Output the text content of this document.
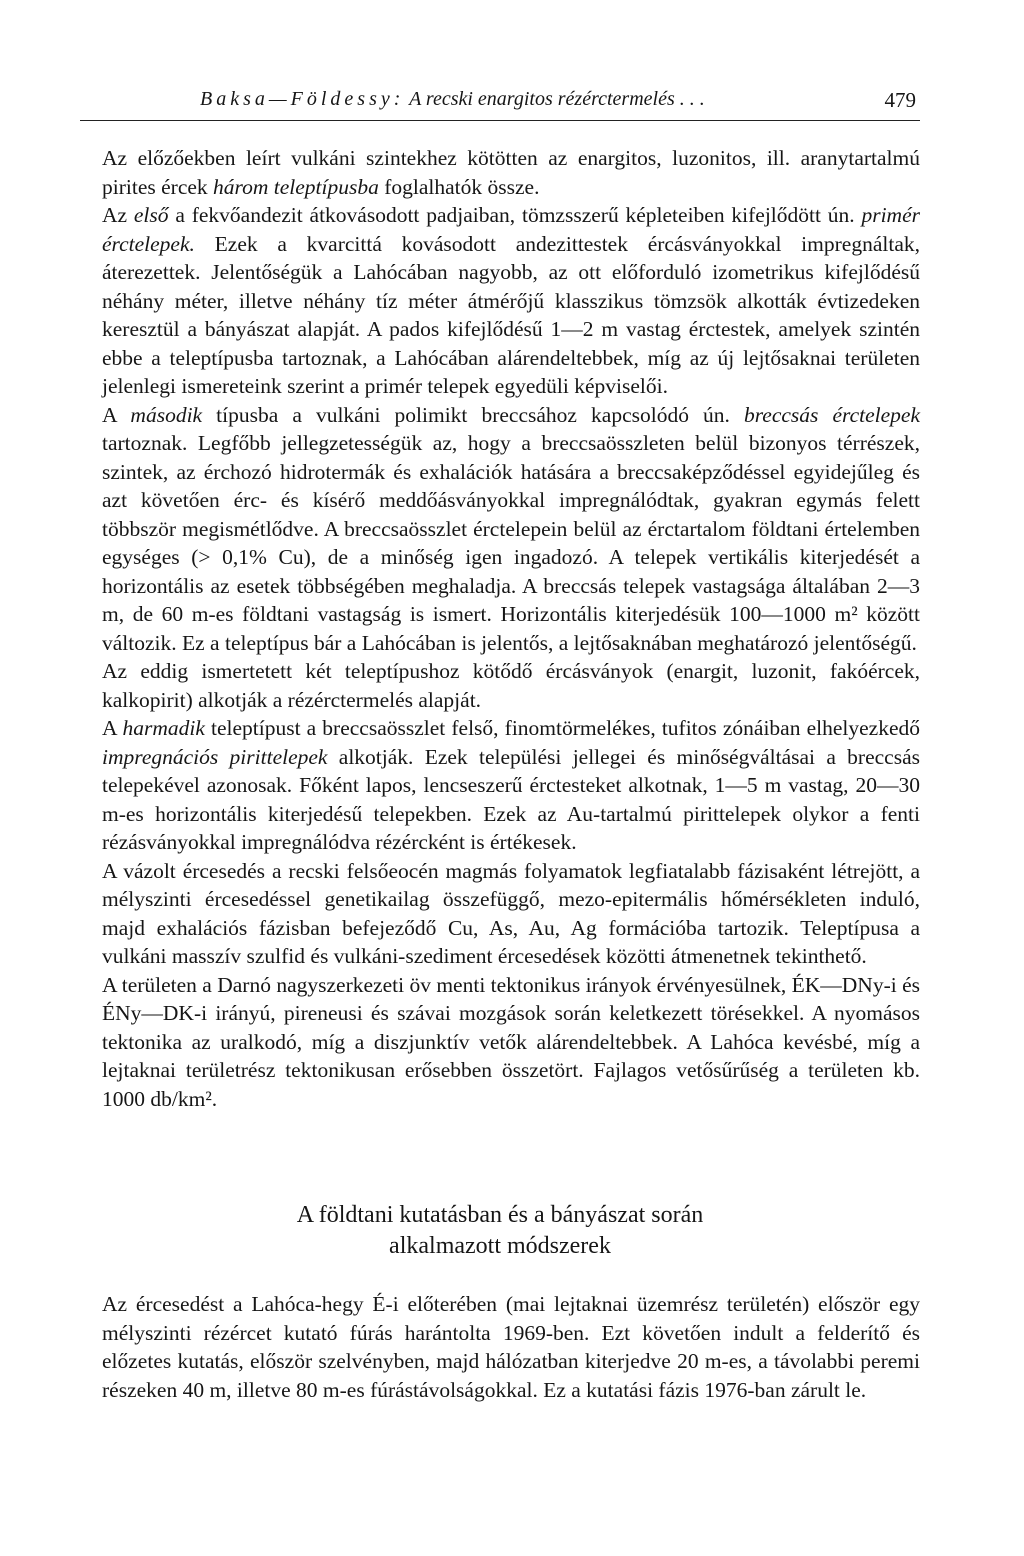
Baksa—Földessy: A recski enargitos rézérctermelés . . .	479

Az előzőekben leírt vulkáni szintekhez kötötten az enargitos, luzonitos, ill. aranytartalmú pirites ércek három teleptípusba foglalhatók össze.

Az első a fekvőandezit átkovásodott padjaiban, tömzsszerű képleteiben kifejlődött ún. primér érctelepek. Ezek a kvarcittá kovásodott andezittestek ércásványokkal impregnáltak, áterezettek. Jelentőségük a Lahócában nagyobb, az ott előforduló izometrikus kifejlődésű néhány méter, illetve néhány tíz méter átmérőjű klasszikus tömzsök alkották évtizedeken keresztül a bányászat alapját. A pados kifejlődésű 1—2 m vastag érctestek, amelyek szintén ebbe a teleptípusba tartoznak, a Lahócában alárendeltebbek, míg az új lejtősaknai területen jelenlegi ismereteink szerint a primér telepek egyedüli képviselői.

A második típusba a vulkáni polimikt breccsához kapcsolódó ún. breccsás érctelepek tartoznak. Legfőbb jellegzetességük az, hogy a breccsaösszleten belül bizonyos térrészek, szintek, az érchozó hidrotermák és exhalációk hatására a breccsaképződéssel egyidejűleg és azt követően érc- és kísérő meddőásványokkal impregnálódtak, gyakran egymás felett többször megismétlődve. A breccsaösszlet érctelepein belül az érctartalom földtani értelemben egységes (> 0,1% Cu), de a minőség igen ingadozó. A telepek vertikális kiterjedését a horizontális az esetek többségében meghaladja. A breccsás telepek vastagsága általában 2—3 m, de 60 m-es földtani vastagság is ismert. Horizontális kiterjedésük 100—1000 m² között változik. Ez a teleptípus bár a Lahócában is jelentős, a lejtősaknában meghatározó jelentőségű.

Az eddig ismertetett két teleptípushoz kötődő ércásványok (enargit, luzonit, fakóércek, kalkopirit) alkotják a rézérctermelés alapját.

A harmadik teleptípust a breccsaösszlet felső, finomtörmelékes, tufitos zónáiban elhelyezkedő impregnációs pirittelepek alkotják. Ezek települési jellegei és minőségváltásai a breccsás telepekével azonosak. Főként lapos, lencseszerű érctesteket alkotnak, 1—5 m vastag, 20—30 m-es horizontális kiterjedésű telepekben. Ezek az Au-tartalmú pirittelepek olykor a fenti rézásványokkal impregnálódva rézércként is értékesek.

A vázolt ércesedés a recski felsőeocén magmás folyamatok legfiatalabb fázisaként létrejött, a mélyszinti ércesedéssel genetikailag összefüggő, mezo-epitermális hőmérsékleten induló, majd exhalációs fázisban befejeződő Cu, As, Au, Ag formációba tartozik. Teleptípusa a vulkáni masszív szulfid és vulkáni-szediment ércesedések közötti átmenetnek tekinthető.

A területen a Darnó nagyszerkezeti öv menti tektonikus irányok érvényesülnek, ÉK—DNy-i és ÉNy—DK-i irányú, pireneusi és szávai mozgások során keletkezett törésekkel. A nyomásos tektonika az uralkodó, míg a diszjunktív vetők alárendeltebbek. A Lahóca kevésbé, míg a lejtaknai területrész tektonikusan erősebben összetört. Fajlagos vetősűrűség a területen kb. 1000 db/km².

A földtani kutatásban és a bányászat során
alkalmazott módszerek

Az ércesedést a Lahóca-hegy É-i előterében (mai lejtaknai üzemrész területén) először egy mélyszinti rézércet kutató fúrás harántolta 1969-ben. Ezt követően indult a felderítő és előzetes kutatás, először szelvényben, majd hálózatban kiterjedve 20 m-es, a távolabbi peremi részeken 40 m, illetve 80 m-es fúrástávolságokkal. Ez a kutatási fázis 1976-ban zárult le.
